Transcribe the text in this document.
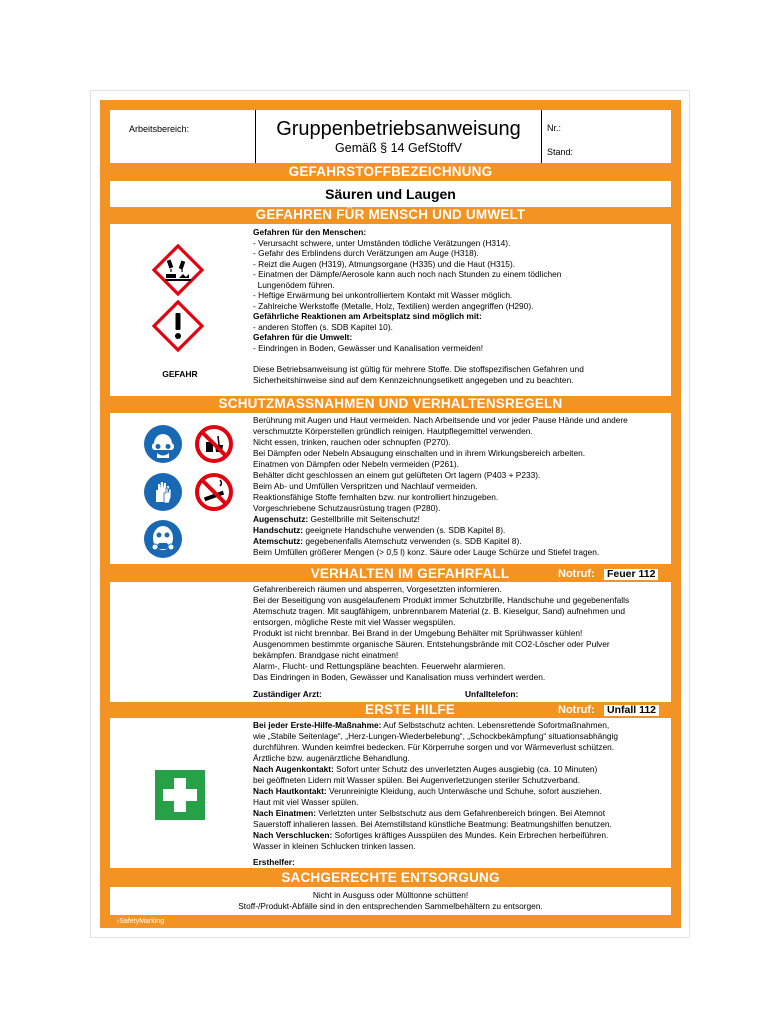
Arbeitsbereich:	Gruppenbetriebsanweisung
Gemäß § 14 GefStoffV
Nr.:
Stand:
GEFAHRSTOFFBEZEICHNUNG
Säuren und Laugen
GEFAHREN FÜR MENSCH UND UMWELT
GEFAHR
Gefahren für den Menschen:
- Verursacht schwere, unter Umständen tödliche Verätzungen (H314).
- Gefahr des Erblindens durch Verätzungen am Auge (H318).
- Reizt die Augen (H319), Atmungsorgane (H335) und die Haut (H315).
- Einatmen der Dämpfe/Aerosole kann auch noch nach Stunden zu einem tödlichen
Lungenödem führen.
- Heftige Erwärmung bei unkontrolliertem Kontakt mit Wasser möglich.
- Zahlreiche Werkstoffe (Metalle, Holz, Textilien) werden angegriffen (H290).
Gefährliche Reaktionen am Arbeitsplatz sind möglich mit:
- anderen Stoffen (s. SDB Kapitel 10).
Gefahren für die Umwelt:
- Eindringen in Boden, Gewässer und Kanalisation vermeiden!
Diese Betriebsanweisung ist gültig für mehrere Stoffe. Die stoffspezifischen Gefahren und
Sicherheitshinweise sind auf dem Kennzeichnungsetikett angegeben und zu beachten.
SCHUTZMASSNAHMEN UND VERHALTENSREGELN
Berührung mit Augen und Haut vermeiden. Nach Arbeitsende und vor jeder Pause Hände und andere
verschmutzte Körperstellen gründlich reinigen. Hautpflegemittel verwenden.
Nicht essen, trinken, rauchen oder schnupfen (P270).
Bei Dämpfen oder Nebeln Absaugung einschalten und in ihrem Wirkungsbereich arbeiten.
Einatmen von Dämpfen oder Nebeln vermeiden (P261).
Behälter dicht geschlossen an einem gut gelüfteten Ort lagern (P403 + P233).
Beim Ab- und Umfüllen Verspritzen und Nachlauf vermeiden.
Reaktionsfähige Stoffe fernhalten bzw. nur kontrolliert hinzugeben.
Vorgeschriebene Schutzausrüstung tragen (P280).
Augenschutz: Gestellbrille mit Seitenschutz!
Handschutz: geeignete Handschuhe verwenden (s. SDB Kapitel 8).
Atemschutz: gegebenenfalls Atemschutz verwenden (s. SDB Kapitel 8).
Beim Umfüllen größerer Mengen (> 0,5 l) konz. Säure oder Lauge Schürze und Stiefel tragen.
VERHALTEN IM GEFAHRFALL	Notruf: Feuer 112
Gefahrenbereich räumen und absperren, Vorgesetzten informieren.
Bei der Beseitigung von ausgelaufenem Produkt immer Schutzbrille, Handschuhe und gegebenenfalls
Atemschutz tragen. Mit saugfähigem, unbrennbarem Material (z. B. Kieselgur, Sand) aufnehmen und
entsorgen, mögliche Reste mit viel Wasser wegspülen.
Produkt ist nicht brennbar. Bei Brand in der Umgebung Behälter mit Sprühwasser kühlen!
Ausgenommen bestimmte organische Säuren. Entstehungsbrände mit CO2-Löscher oder Pulver
bekämpfen. Brandgase nicht einatmen!
Alarm-, Flucht- und Rettungspläne beachten. Feuerwehr alarmieren.
Das Eindringen in Boden, Gewässer und Kanalisation muss verhindert werden.
Zuständiger Arzt:	Unfalltelefon:
ERSTE HILFE	Notruf: Unfall 112
Bei jeder Erste-Hilfe-Maßnahme: Auf Selbstschutz achten. Lebensrettende Sofortmaßnahmen,
wie „Stabile Seitenlage“, „Herz-Lungen-Wiederbelebung“, „Schockbekämpfung“ situationsabhängig
durchführen. Wunden keimfrei bedecken. Für Körperruhe sorgen und vor Wärmeverlust schützen.
Ärztliche bzw. augenärztliche Behandlung.
Nach Augenkontakt: Sofort unter Schutz des unverletzten Auges ausgiebig (ca. 10 Minuten)
bei geöffneten Lidern mit Wasser spülen. Bei Augenverletzungen steriler Schutzverband.
Nach Hautkontakt: Verunreinigte Kleidung, auch Unterwäsche und Schuhe, sofort ausziehen.
Haut mit viel Wasser spülen.
Nach Einatmen: Verletzten unter Selbstschutz aus dem Gefahrenbereich bringen. Bei Atemnot
Sauerstoff inhalieren lassen. Bei Atemstillstand künstliche Beatmung: Beatmungshilfen benutzen.
Nach Verschlucken: Sofortiges kräftiges Ausspülen des Mundes. Kein Erbrechen herbeiführen.
Wasser in kleinen Schlucken trinken lassen.
Ersthelfer:
SACHGERECHTE ENTSORGUNG
Nicht in Ausguss oder Mülltonne schütten!
Stoff-/Produkt-Abfälle sind in den entsprechenden Sammelbehältern zu entsorgen.
‹SafetyMarking
